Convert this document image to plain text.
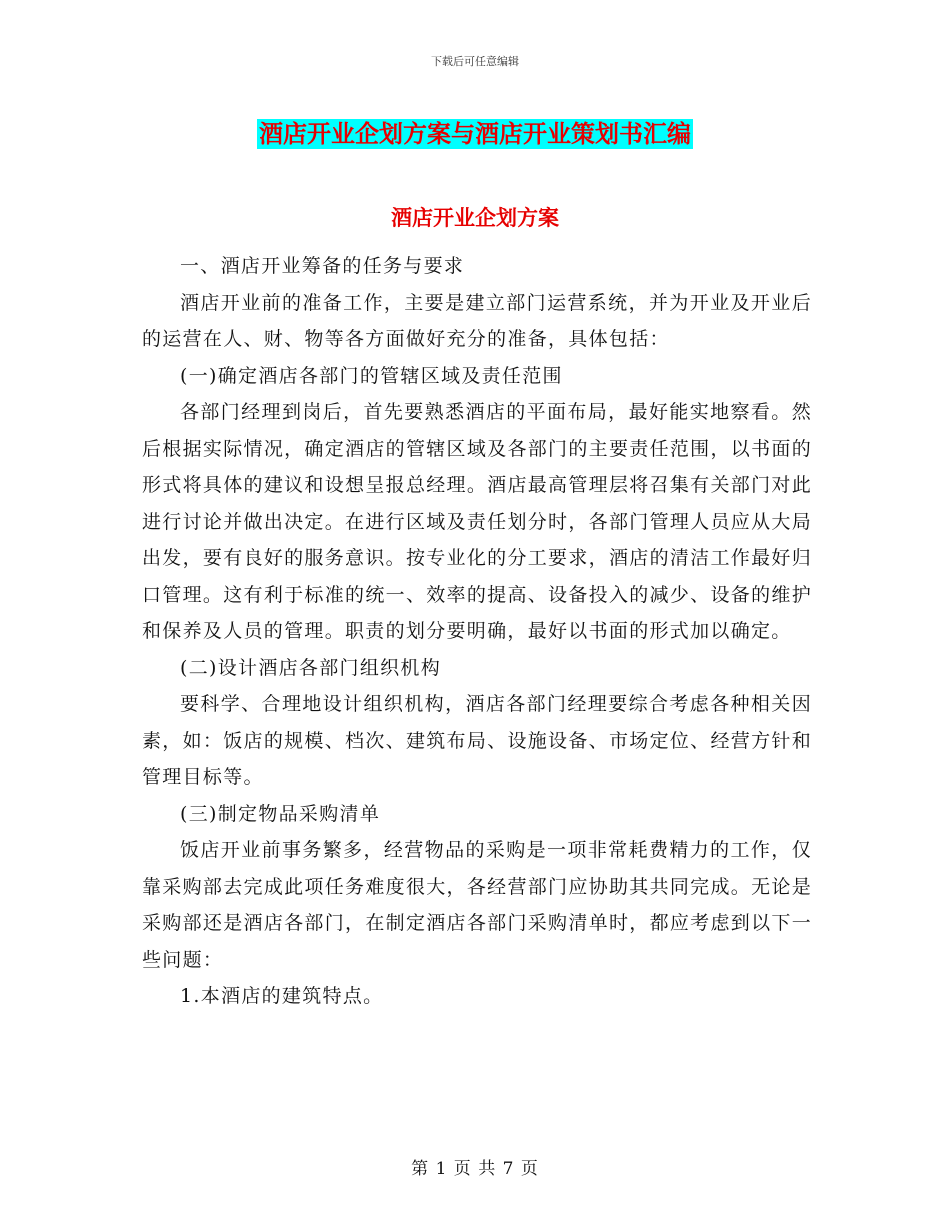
下载后可任意编辑
酒店开业企划方案与酒店开业策划书汇编
酒店开业企划方案

一、酒店开业筹备的任务与要求

酒店开业前的准备工作，主要是建立部门运营系统，并为开业及开业后的运营在人、财、物等各方面做好充分的准备，具体包括：

(一)确定酒店各部门的管辖区域及责任范围

各部门经理到岗后，首先要熟悉酒店的平面布局，最好能实地察看。然后根据实际情况，确定酒店的管辖区域及各部门的主要责任范围，以书面的形式将具体的建议和设想呈报总经理。酒店最高管理层将召集有关部门对此进行讨论并做出决定。在进行区域及责任划分时，各部门管理人员应从大局出发，要有良好的服务意识。按专业化的分工要求，酒店的清洁工作最好归口管理。这有利于标准的统一、效率的提高、设备投入的减少、设备的维护和保养及人员的管理。职责的划分要明确，最好以书面的形式加以确定。

(二)设计酒店各部门组织机构

要科学、合理地设计组织机构，酒店各部门经理要综合考虑各种相关因素，如：饭店的规模、档次、建筑布局、设施设备、市场定位、经营方针和管理目标等。

(三)制定物品采购清单

饭店开业前事务繁多，经营物品的采购是一项非常耗费精力的工作，仅靠采购部去完成此项任务难度很大，各经营部门应协助其共同完成。无论是采购部还是酒店各部门，在制定酒店各部门采购清单时，都应考虑到以下一些问题：

1.本酒店的建筑特点。

第 1 页 共 7 页
